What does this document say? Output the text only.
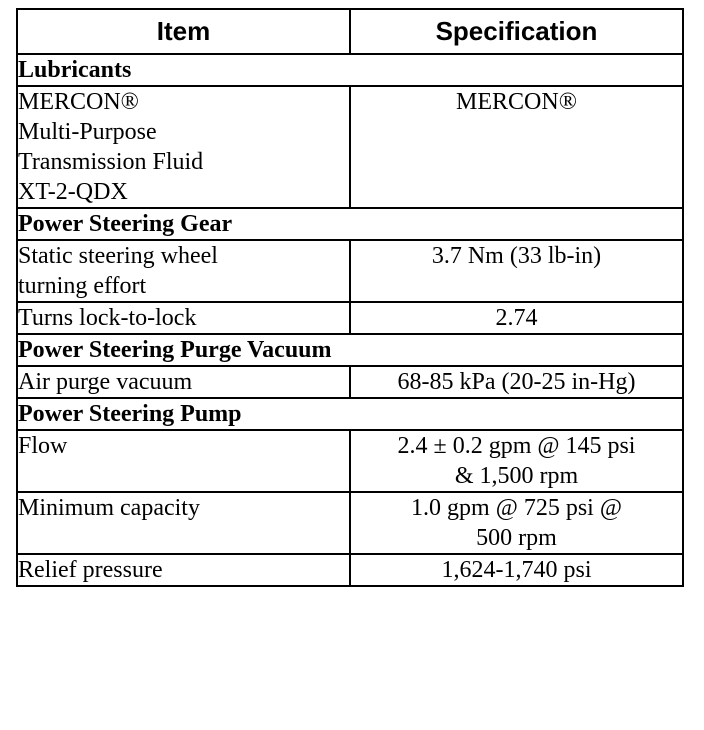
Item	Specification
Lubricants	

MERCON®
Multi-Purpose
Transmission Fluid
XT-2-QDX	MERCON®

Power Steering Gear	

Static steering wheel
turning effort	3.7 Nm (33 lb-in)

Turns lock-to-lock	2.74

Power Steering Purge Vacuum	

Air purge vacuum	68-85 kPa (20-25 in-Hg)

Power Steering Pump	

Flow	2.4 ± 0.2 gpm @ 145 psi
& 1,500 rpm

Minimum capacity	1.0 gpm @ 725 psi @
500 rpm

Relief pressure	1,624-1,740 psi
